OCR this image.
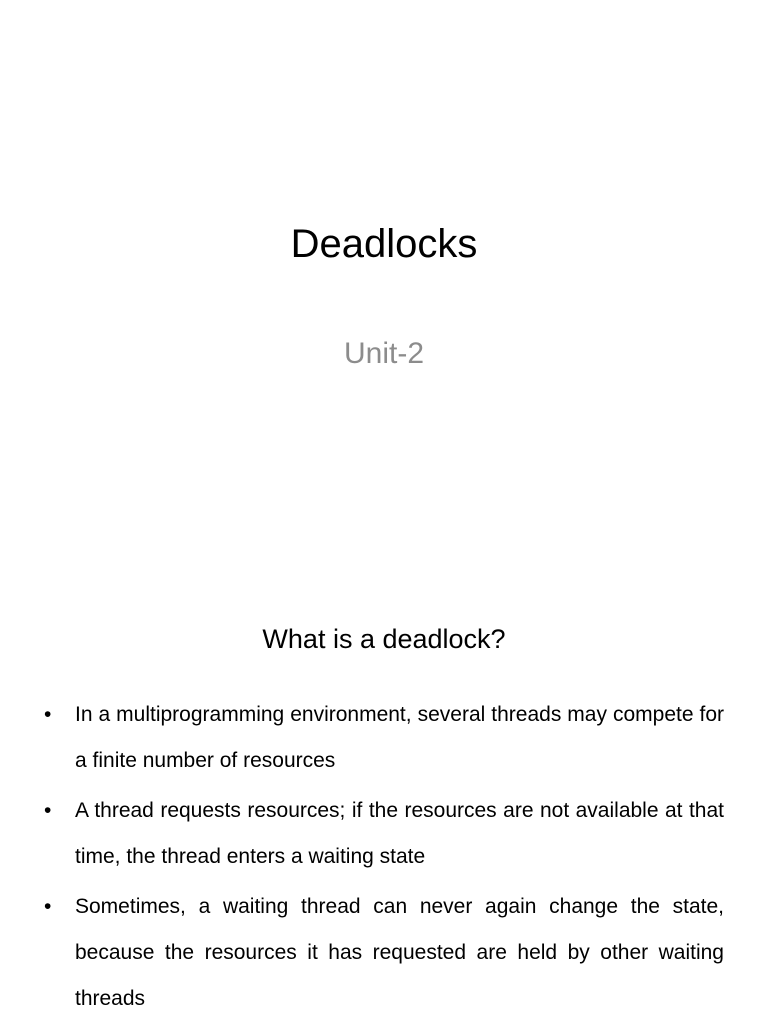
Deadlocks
Unit-2
What is a deadlock?
• In a multiprogramming environment, several threads may compete for a finite number of resources
• A thread requests resources; if the resources are not available at that time, the thread enters a waiting state
• Sometimes, a waiting thread can never again change the state, because the resources it has requested are held by other waiting threads
